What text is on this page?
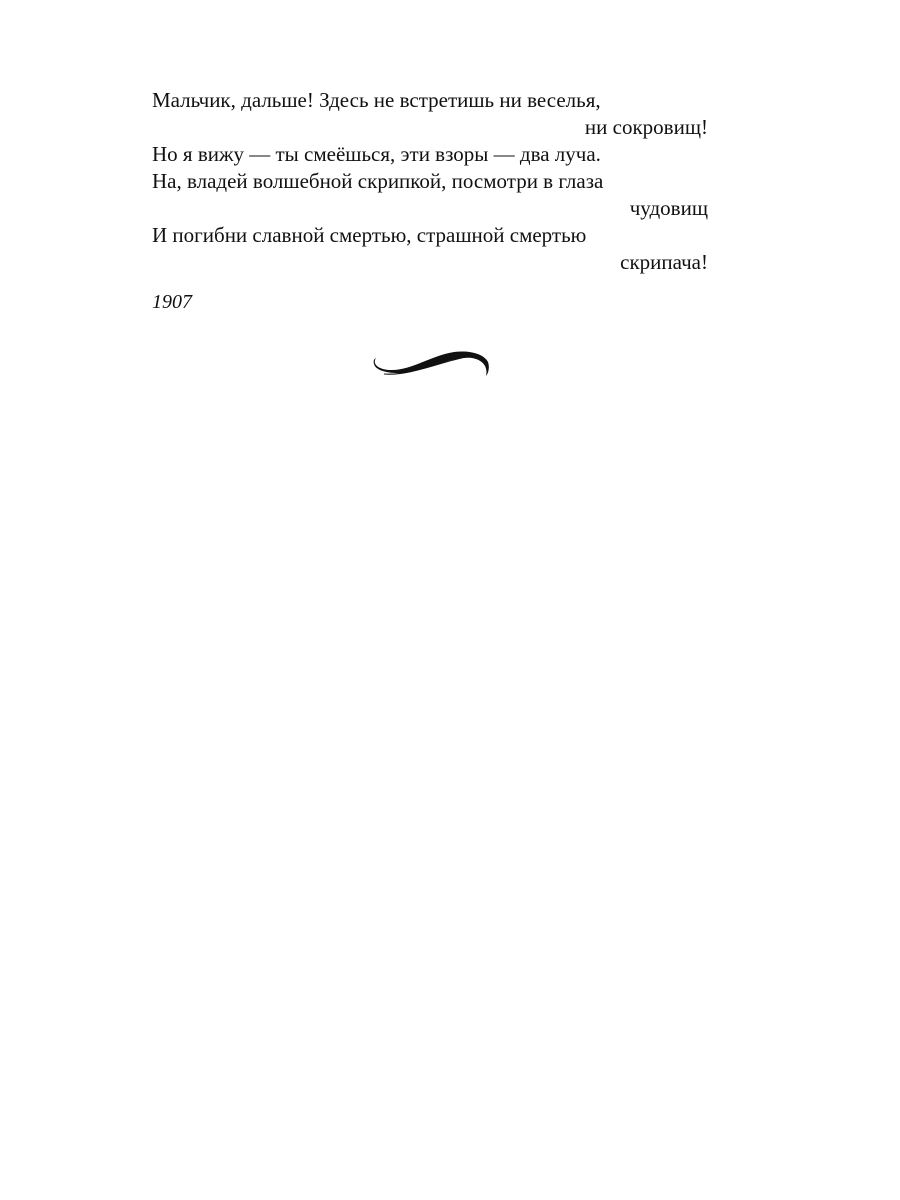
Мальчик, дальше! Здесь не встретишь ни веселья,
ни сокровищ!
Но я вижу — ты смеёшься, эти взоры — два луча.
На, владей волшебной скрипкой, посмотри в глаза
чудовищ
И погибни славной смертью, страшной смертью
скрипача!
1907
